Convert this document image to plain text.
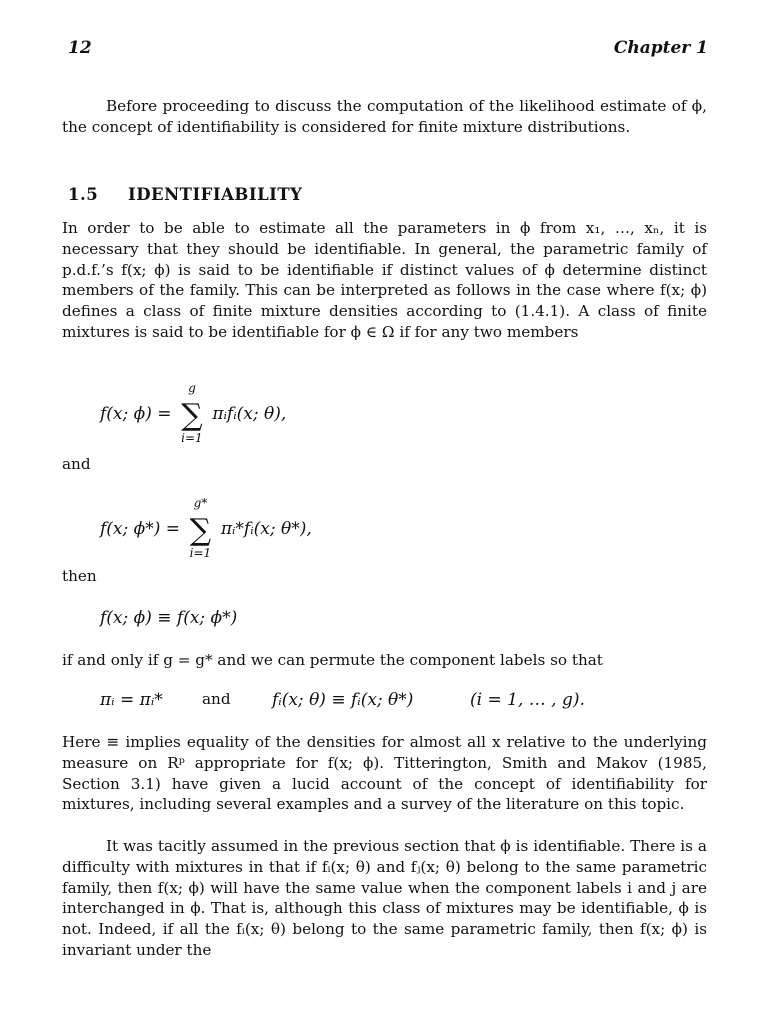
12	Chapter 1
Before proceeding to discuss the computation of the likelihood estimate of ϕ, the concept of identifiability is considered for finite mixture distributions.
1.5 IDENTIFIABILITY
In order to be able to estimate all the parameters in ϕ from x₁, …, xₙ, it is necessary that they should be identifiable. In general, the parametric family of p.d.f.’s f(x; ϕ) is said to be identifiable if distinct values of ϕ determine distinct members of the family. This can be interpreted as follows in the case where f(x; ϕ) defines a class of finite mixture densities according to (1.4.1). A class of finite mixtures is said to be identifiable for ϕ ∈ Ω if for any two members
f(x; ϕ) = ∑
g
i=1
πᵢfᵢ(x; θ),
and
f(x; ϕ*) = ∑
g*
i=1
πᵢ*fᵢ(x; θ*),
then
f(x; ϕ) ≡ f(x; ϕ*)
if and only if g = g* and we can permute the component labels so that
πᵢ = πᵢ*	and fᵢ(x; θ) ≡ fᵢ(x; θ*)	(i = 1, … , g).
Here ≡ implies equality of the densities for almost all x relative to the underlying measure on Rᵖ appropriate for f(x; ϕ). Titterington, Smith and Makov (1985, Section 3.1) have given a lucid account of the concept of identifiability for mixtures, including several examples and a survey of the literature on this topic.
It was tacitly assumed in the previous section that ϕ is identifiable. There is a difficulty with mixtures in that if fᵢ(x; θ) and fⱼ(x; θ) belong to the same parametric family, then f(x; ϕ) will have the same value when the component labels i and j are interchanged in ϕ. That is, although this class of mixtures may be identifiable, ϕ is not. Indeed, if all the fᵢ(x; θ) belong to the same parametric family, then f(x; ϕ) is invariant under the
